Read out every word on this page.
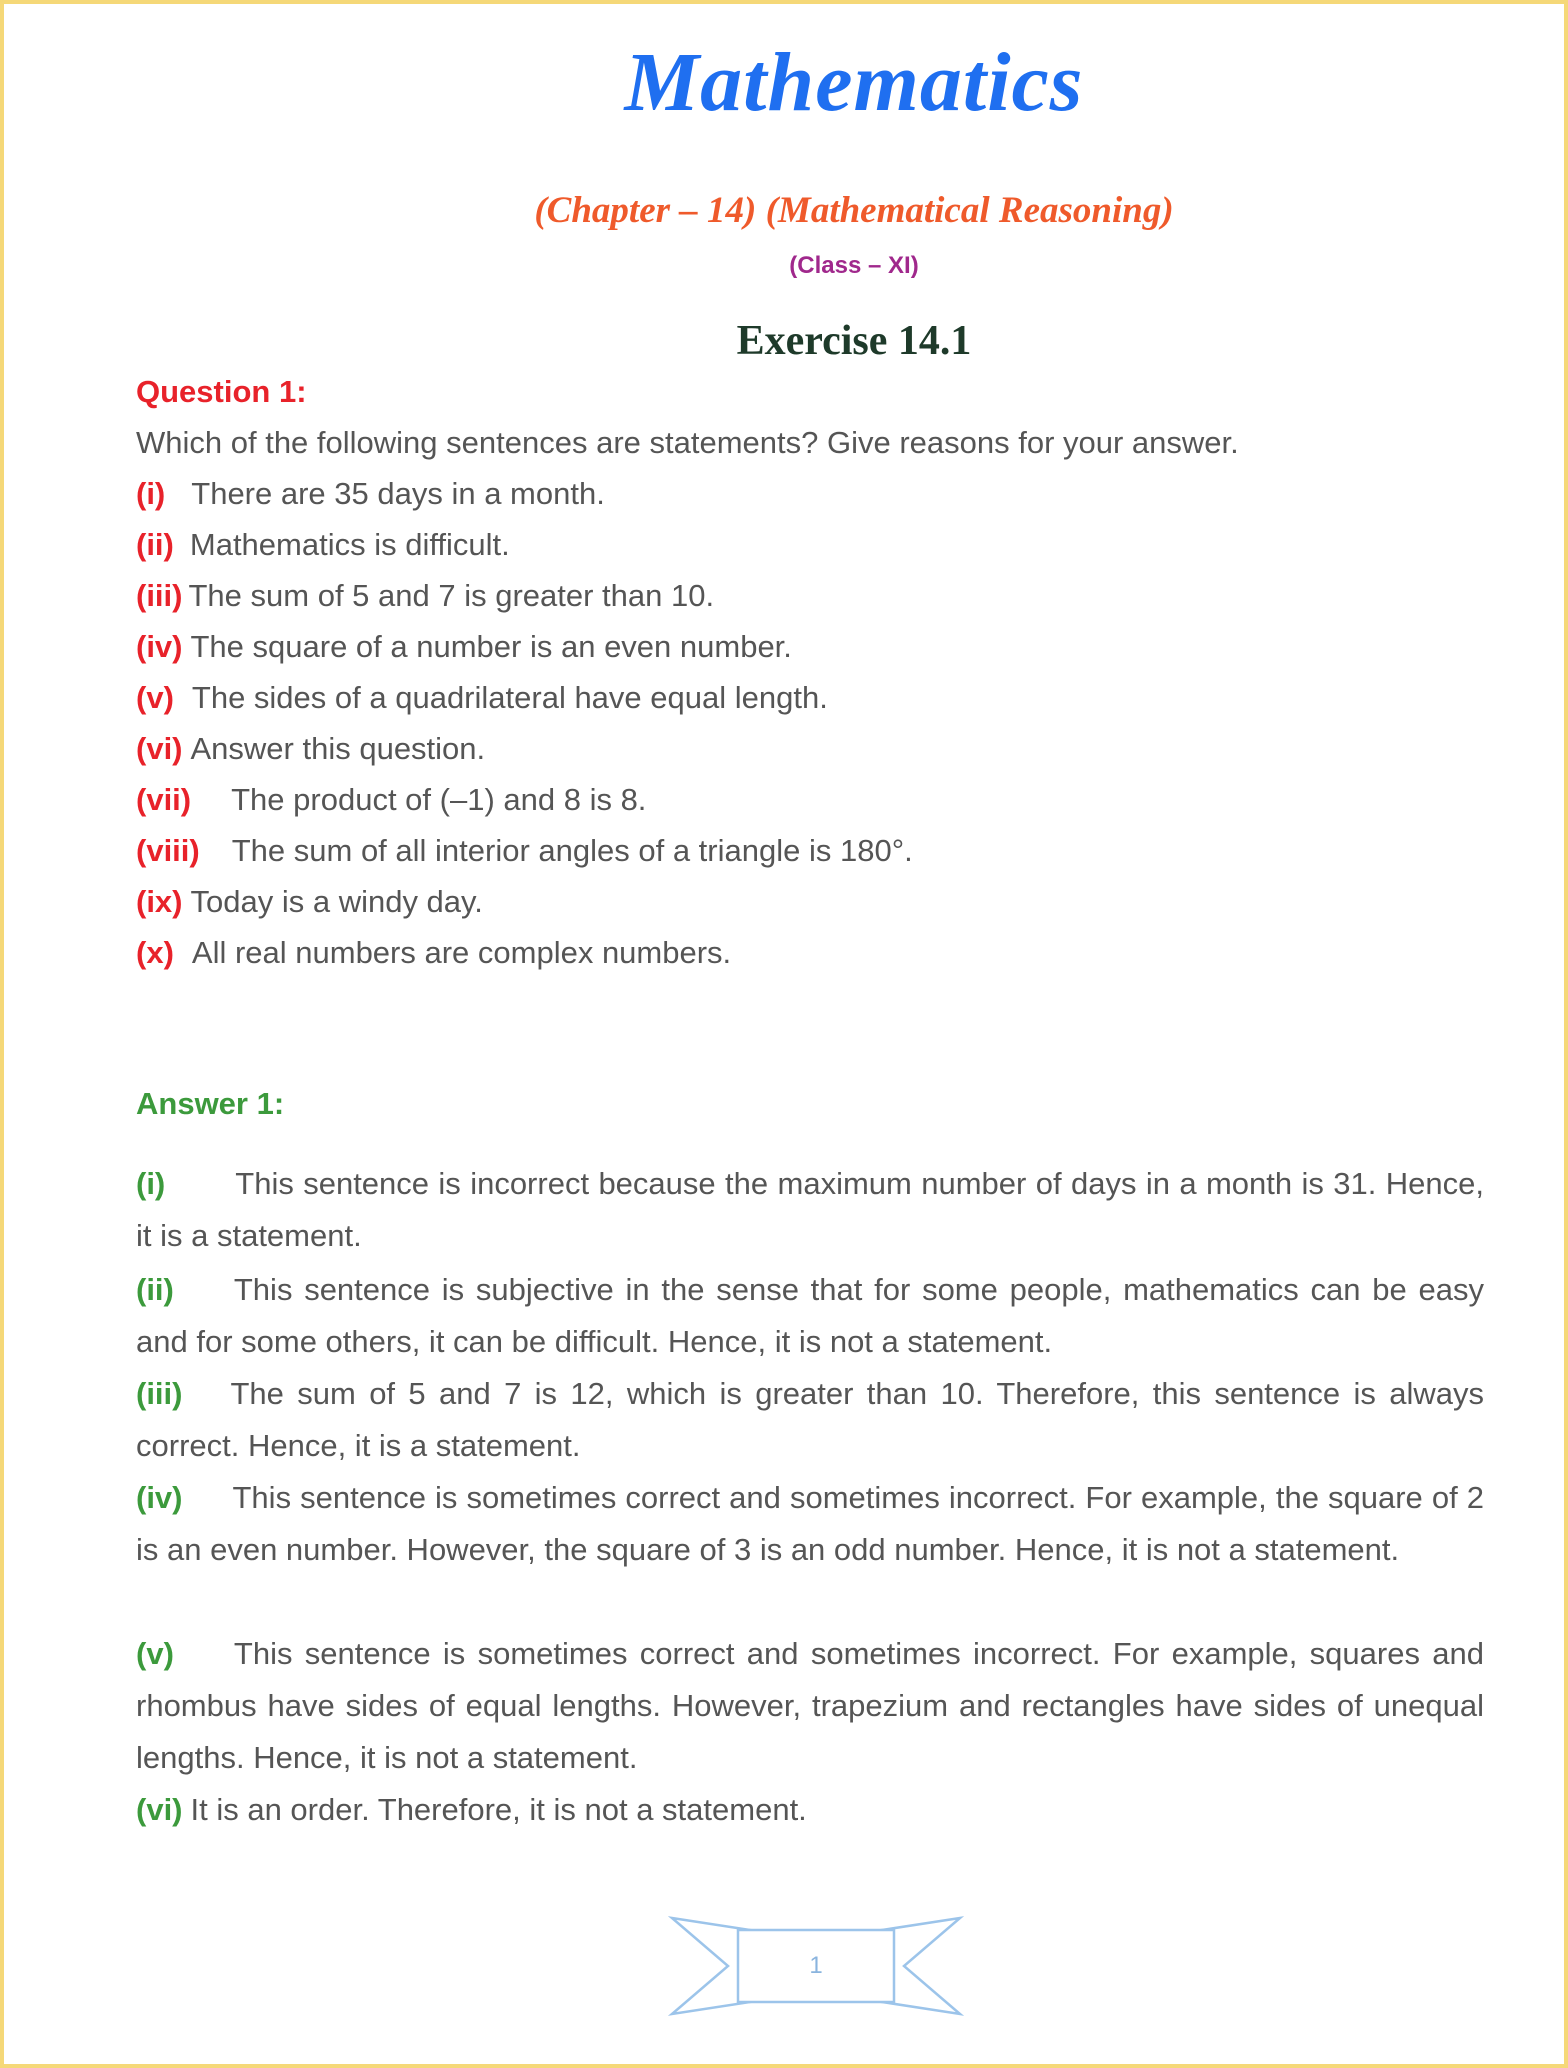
Mathematics
(Chapter – 14) (Mathematical Reasoning)
(Class – XI)
Exercise 14.1
Question 1:
Which of the following sentences are statements? Give reasons for your answer.
(i) There are 35 days in a month.
(ii) Mathematics is difficult.
(iii) The sum of 5 and 7 is greater than 10.
(iv) The square of a number is an even number.
(v) The sides of a quadrilateral have equal length.
(vi) Answer this question.
(vii) The product of (–1) and 8 is 8.
(viii) The sum of all interior angles of a triangle is 180°.
(ix) Today is a windy day.
(x) All real numbers are complex numbers.
Answer 1:
(i) This sentence is incorrect because the maximum number of days in a month is 31. Hence, it is a statement.
(ii) This sentence is subjective in the sense that for some people, mathematics can be easy and for some others, it can be difficult. Hence, it is not a statement.
(iii) The sum of 5 and 7 is 12, which is greater than 10. Therefore, this sentence is always correct. Hence, it is a statement.
(iv) This sentence is sometimes correct and sometimes incorrect. For example, the square of 2 is an even number. However, the square of 3 is an odd number. Hence, it is not a statement.
(v) This sentence is sometimes correct and sometimes incorrect. For example, squares and rhombus have sides of equal lengths. However, trapezium and rectangles have sides of unequal lengths. Hence, it is not a statement.
(vi) It is an order. Therefore, it is not a statement.
1
